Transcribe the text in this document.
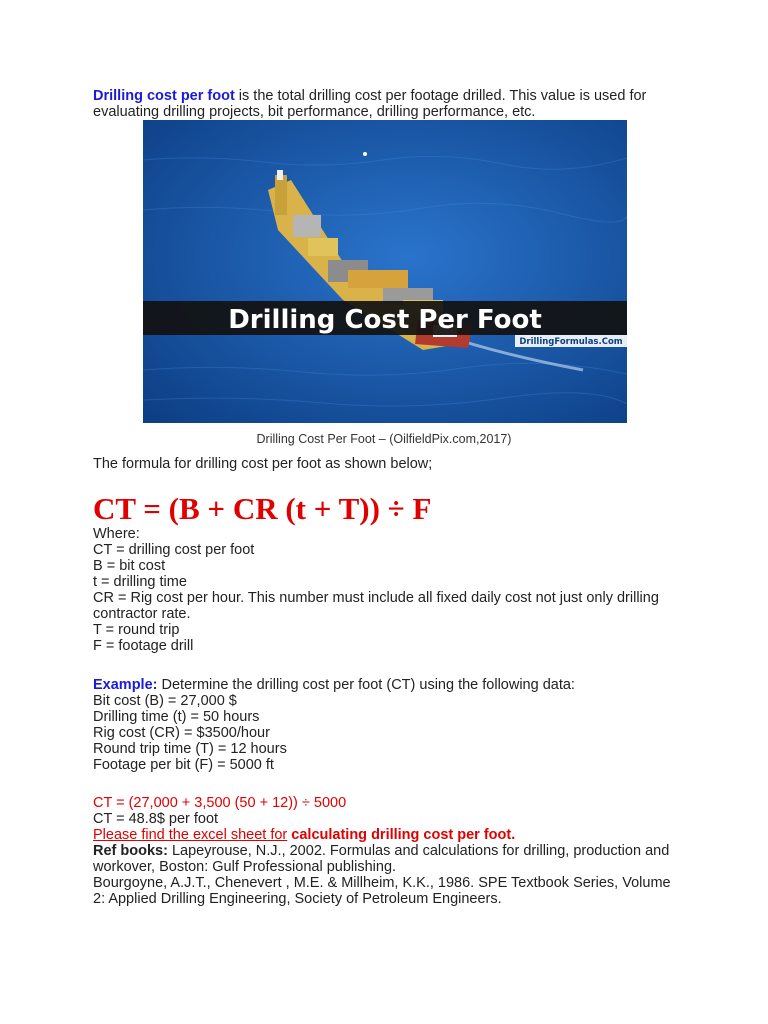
Drilling cost per foot is the total drilling cost per footage drilled. This value is used for evaluating drilling projects, bit performance, drilling performance, etc.
Drilling Cost Per Foot
DrillingFormulas.Com
Drilling Cost Per Foot – (OilfieldPix.com,2017)
The formula for drilling cost per foot as shown below;
CT = (B + CR (t + T)) ÷ F
Where:
CT = drilling cost per foot
B = bit cost
t = drilling time
CR = Rig cost per hour. This number must include all fixed daily cost not just only drilling contractor rate.
T = round trip
F = footage drill
Example: Determine the drilling cost per foot (CT) using the following data:
Bit cost (B) = 27,000 $
Drilling time (t) = 50 hours
Rig cost (CR) = $3500/hour
Round trip time (T) = 12 hours
Footage per bit (F) = 5000 ft
CT = (27,000 + 3,500 (50 + 12)) ÷ 5000
CT = 48.8$ per foot
Please find the excel sheet for calculating drilling cost per foot.
Ref books: Lapeyrouse, N.J., 2002. Formulas and calculations for drilling, production and workover, Boston: Gulf Professional publishing.
Bourgoyne, A.J.T., Chenevert , M.E. & Millheim, K.K., 1986. SPE Textbook Series, Volume 2: Applied Drilling Engineering, Society of Petroleum Engineers.
